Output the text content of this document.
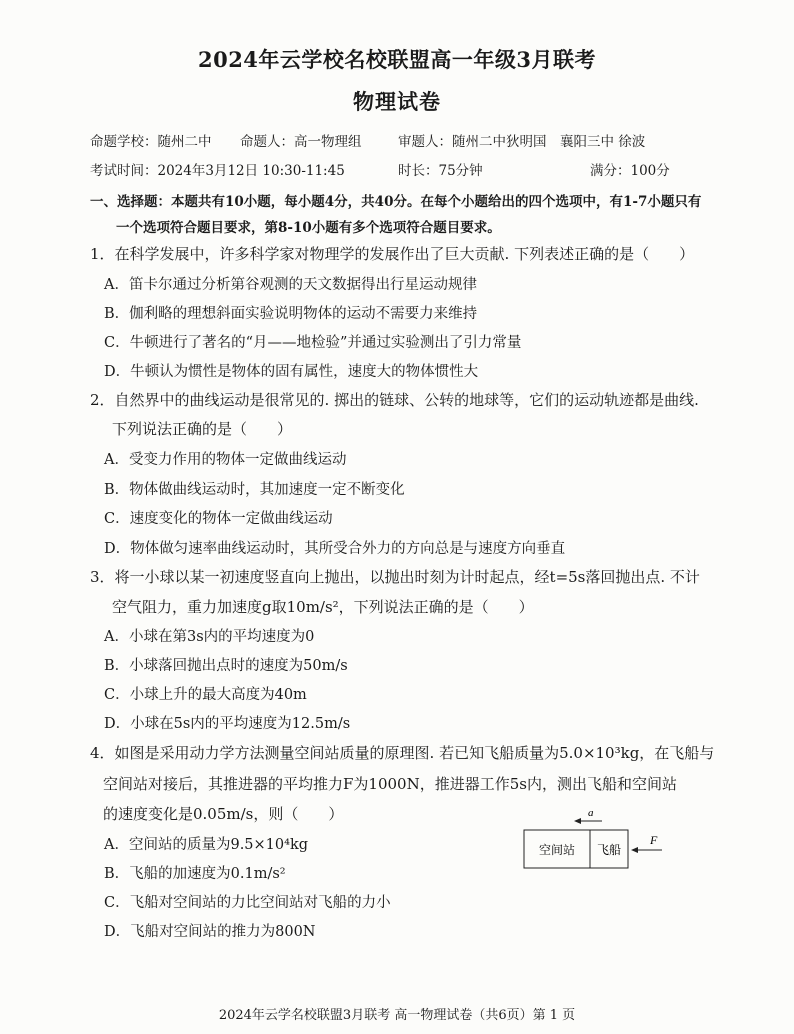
2024年云学校名校联盟高一年级3月联考
物理试卷
命题学校：随州二中 命题人：高一物理组	审题人：随州二中狄明国　襄阳三中 徐波
考试时间：2024年3月12日 10:30-11:45	时长：75分钟	满分：100分
一、选择题：本题共有10小题，每小题4分，共40分。在每个小题给出的四个选项中，有1-7小题只有
一个选项符合题目要求，第8-10小题有多个选项符合题目要求。
1．在科学发展中，许多科学家对物理学的发展作出了巨大贡献. 下列表述正确的是（　　）
A．笛卡尔通过分析第谷观测的天文数据得出行星运动规律
B．伽利略的理想斜面实验说明物体的运动不需要力来维持
C．牛顿进行了著名的“月——地检验”并通过实验测出了引力常量
D．牛顿认为惯性是物体的固有属性，速度大的物体惯性大
2．自然界中的曲线运动是很常见的. 掷出的链球、公转的地球等，它们的运动轨迹都是曲线.
下列说法正确的是（　　）
A．受变力作用的物体一定做曲线运动
B．物体做曲线运动时，其加速度一定不断变化
C．速度变化的物体一定做曲线运动
D．物体做匀速率曲线运动时，其所受合外力的方向总是与速度方向垂直
3．将一小球以某一初速度竖直向上抛出，以抛出时刻为计时起点，经t=5s落回抛出点. 不计
空气阻力，重力加速度g取10m/s²，下列说法正确的是（　　）
A．小球在第3s内的平均速度为0
B．小球落回抛出点时的速度为50m/s
C．小球上升的最大高度为40m
D．小球在5s内的平均速度为12.5m/s
4．如图是采用动力学方法测量空间站质量的原理图. 若已知飞船质量为5.0×10³kg，在飞船与
空间站对接后，其推进器的平均推力F为1000N，推进器工作5s内，测出飞船和空间站
的速度变化是0.05m/s，则（　　）
A．空间站的质量为9.5×10⁴kg
B．飞船的加速度为0.1m/s²
C．飞船对空间站的力比空间站对飞船的力小
D．飞船对空间站的推力为800N
a
空间站 飞船
F
2024年云学名校联盟3月联考 高一物理试卷（共6页）第 1 页
